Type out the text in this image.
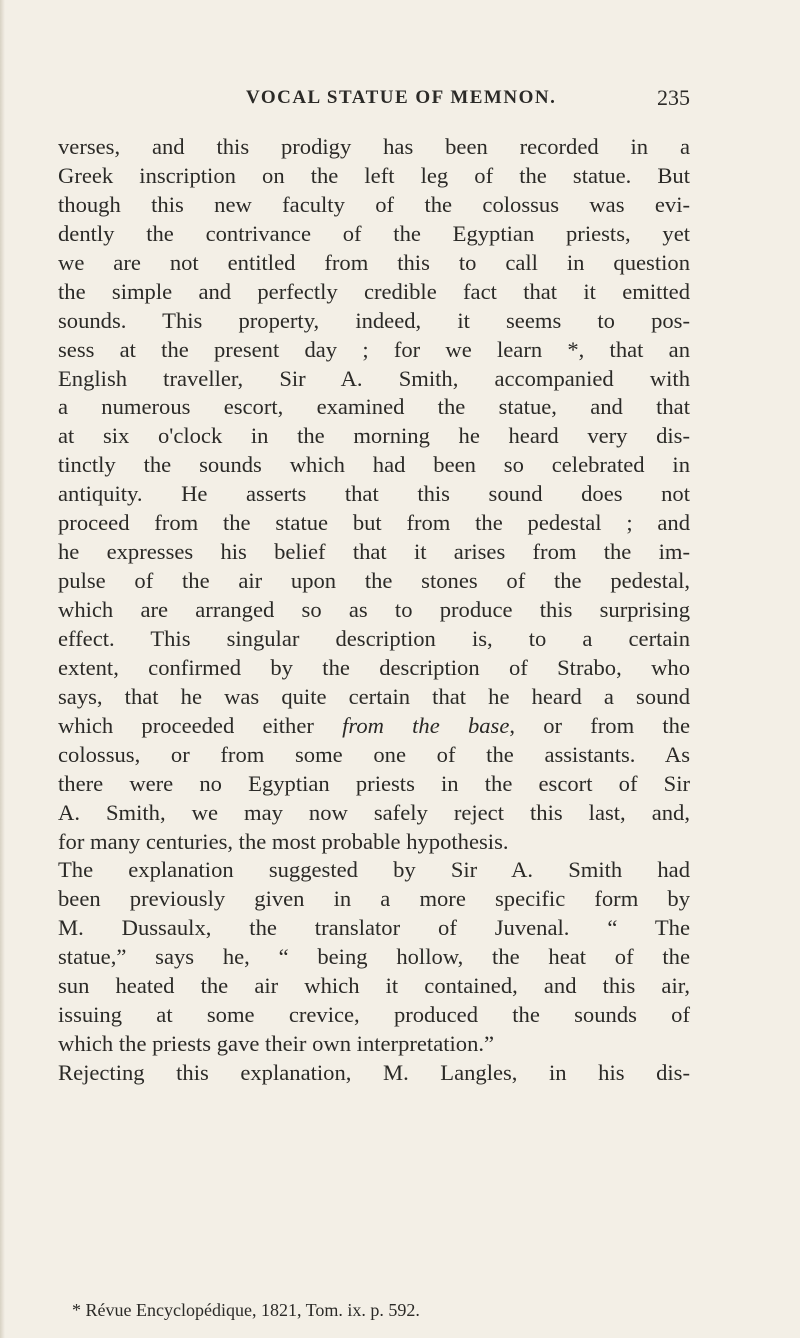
VOCAL STATUE OF MEMNON.	235
verses, and this prodigy has been recorded in a
Greek inscription on the left leg of the statue. But
though this new faculty of the colossus was evi-
dently the contrivance of the Egyptian priests, yet
we are not entitled from this to call in question
the simple and perfectly credible fact that it emitted
sounds. This property, indeed, it seems to pos-
sess at the present day ; for we learn *, that an
English traveller, Sir A. Smith, accompanied with
a numerous escort, examined the statue, and that
at six o'clock in the morning he heard very dis-
tinctly the sounds which had been so celebrated in
antiquity. He asserts that this sound does not
proceed from the statue but from the pedestal ; and
he expresses his belief that it arises from the im-
pulse of the air upon the stones of the pedestal,
which are arranged so as to produce this surprising
effect. This singular description is, to a certain
extent, confirmed by the description of Strabo, who
says, that he was quite certain that he heard a sound
which proceeded either from the base, or from the
colossus, or from some one of the assistants. As
there were no Egyptian priests in the escort of Sir
A. Smith, we may now safely reject this last, and,
for many centuries, the most probable hypothesis.
The explanation suggested by Sir A. Smith had
been previously given in a more specific form by
M. Dussaulx, the translator of Juvenal. “ The
statue,” says he, “ being hollow, the heat of the
sun heated the air which it contained, and this air,
issuing at some crevice, produced the sounds of
which the priests gave their own interpretation.”
Rejecting this explanation, M. Langles, in his dis-
* Révue Encyclopédique, 1821, Tom. ix. p. 592.
